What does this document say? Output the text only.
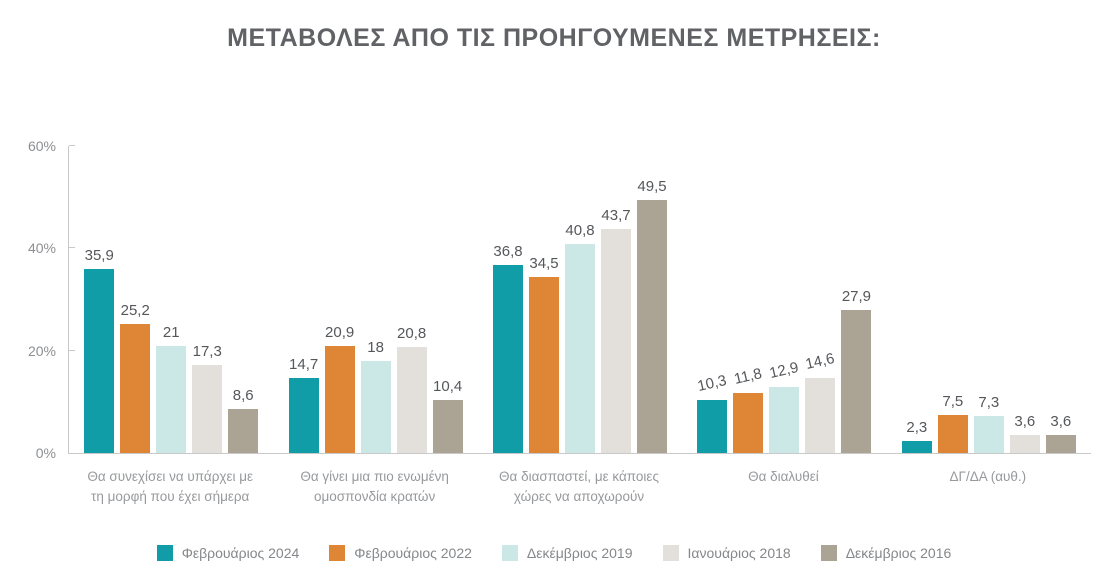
ΜΕΤΑΒΟΛΕΣ ΑΠΟ ΤΙΣ ΠΡΟΗΓΟΥΜΕΝΕΣ ΜΕΤΡΗΣΕΙΣ:
0%
20%
40%
60%
35,9
25,2
21
17,3
8,6
14,7
20,9
18
20,8
10,4
36,8
34,5
40,8
43,7
49,5
10,3 11,8 12,9 14,6
27,9
2,3
7,5 7,3
3,6 3,6
Θα συνεχίσει να υπάρχει με
τη μορφή που έχει σήμερα
Θα γίνει μια πιο ενωμένη
ομοσπονδία κρατών
Θα διασπαστεί, με κάποιες
χώρες να αποχωρούν
Θα διαλυθεί	ΔΓ/ΔΑ (αυθ.)
Φεβρουάριος 2024	Φεβρουάριος 2022	Δεκέμβριος 2019	Ιανουάριος 2018	Δεκέμβριος 2016
